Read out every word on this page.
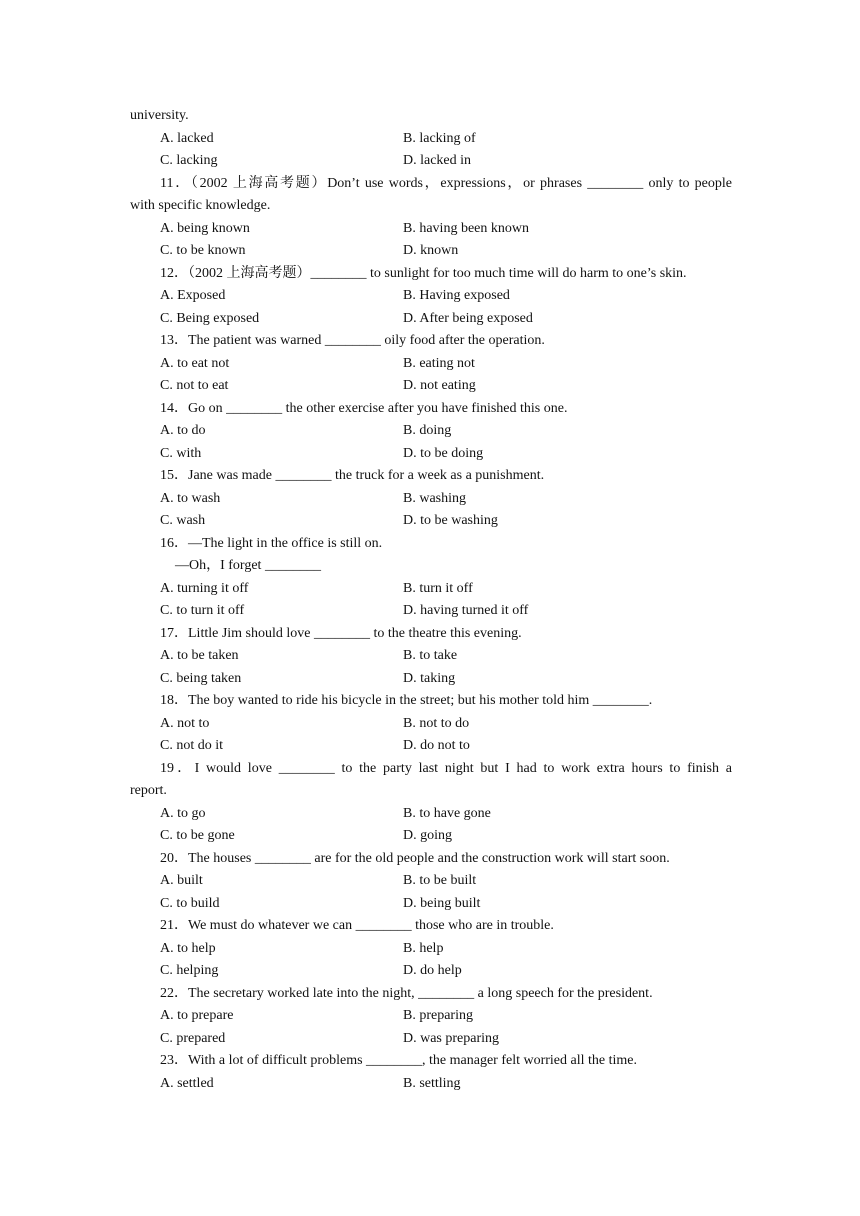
university.
A. lacked	B. lacking of
C. lacking	D. lacked in
11．（2002 上海高考题）Don’t use words，expressions，or phrases ________ only to people
with specific knowledge.
A. being known	B. having been known
C. to be known	D. known
12．（2002 上海高考题）________ to sunlight for too much time will do harm to one’s skin.
A. Exposed	B. Having exposed
C. Being exposed	D. After being exposed
13．The patient was warned ________ oily food after the operation.
A. to eat not	B. eating not
C. not to eat	D. not eating
14．Go on ________ the other exercise after you have finished this one.
A. to do	B. doing
C. with	D. to be doing
15．Jane was made ________ the truck for a week as a punishment.
A. to wash	B. washing
C. wash	D. to be washing
16．—The light in the office is still on.
—Oh，I forget ________
A. turning it off	B. turn it off
C. to turn it off	D. having turned it off
17．Little Jim should love ________ to the theatre this evening.
A. to be taken	B. to take
C. being taken	D. taking
18．The boy wanted to ride his bicycle in the street; but his mother told him ________.
A. not to	B. not to do
C. not do it	D. do not to
19．I would love ________ to the party last night but I had to work extra hours to finish a
report.
A. to go	B. to have gone
C. to be gone	D. going
20．The houses ________ are for the old people and the construction work will start soon.
A. built	B. to be built
C. to build	D. being built
21．We must do whatever we can ________ those who are in trouble.
A. to help	B. help
C. helping	D. do help
22．The secretary worked late into the night, ________ a long speech for the president.
A. to prepare	B. preparing
C. prepared	D. was preparing
23．With a lot of difficult problems ________, the manager felt worried all the time.
A. settled	B. settling
